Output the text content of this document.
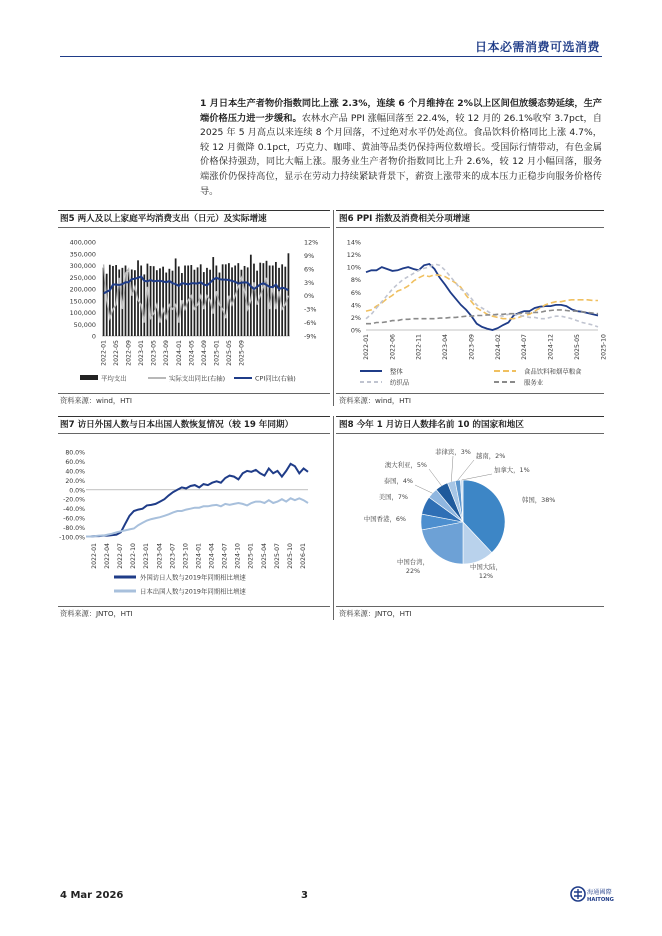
日本必需消费可选消费
1 月日本生产者物价指数同比上涨 2.3%，连续 6 个月维持在 2%以上区间但放缓态势延续，生产端价格压力进一步缓和。农林水产品 PPI 涨幅回落至 22.4%，较 12 月的 26.1%收窄 3.7pct，自 2025 年 5 月高点以来连续 8 个月回落，不过绝对水平仍处高位。食品饮料价格同比上涨 4.7%，较 12 月微降 0.1pct，巧克力、咖啡、黄油等品类仍保持两位数增长。受国际行情带动，有色金属价格保持强劲，同比大幅上涨。服务业生产者物价指数同比上升 2.6%，较 12 月小幅回落，服务端涨价仍保持高位，显示在劳动力持续紧缺背景下，薪资上涨带来的成本压力正稳步向服务价格传导。
图5 两人及以上家庭平均消费支出（日元）及实际增速
400,000
350,000
300,000
250,000
200,000
150,000
100,000
50,000
0
12%
9%
6%
3%
0%
-3%
-6%
-9%
2022-01 2022-05 2022-09 2023-01 2023-05 2023-09 2024-01 2024-05 2024-09 2025-01 2025-05 2025-09
平均支出	实际支出同比(右轴)	CPI同比(右轴)
资料来源：wind，HTI
图6 PPI 指数及消费相关分项增速
14%
12%
10%
8%
6%
4%
2%
0%
2022-01	2022-06	2022-11	2023-04	2023-09	2024-02	2024-07	2024-12	2025-05	2025-10
整体	食品饮料和烟草粮食
纺织品	服务业
资料来源：wind，HTI
图7 访日外国人数与日本出国人数恢复情况（较 19 年同期）
80.0%
60.0%
40.0%
20.0%
0.0%
-20.0%
-40.0%
-60.0%
-80.0%
-100.0%
2022-01 2022-04 2022-07 2022-10 2023-01 2023-04 2023-07 2023-10 2024-01 2024-04 2024-07 2024-10 2025-01 2025-04 2025-07 2025-10 2026-01
外国访日人数与2019年同期相比增速
日本出国人数与2019年同期相比增速
资料来源：JNTO，HTI
图8 今年 1 月访日人数排名前 10 的国家和地区
韩国，38%
中国大陆，
12%
中国台湾，
22%
中国香港，6%
美国，7%
泰国，4%
澳大利亚，5%
菲律宾，3% 越南，2%
加拿大，1%
资料来源：JNTO，HTI
4 Mar 2026	3	海通國際
HAITONG
